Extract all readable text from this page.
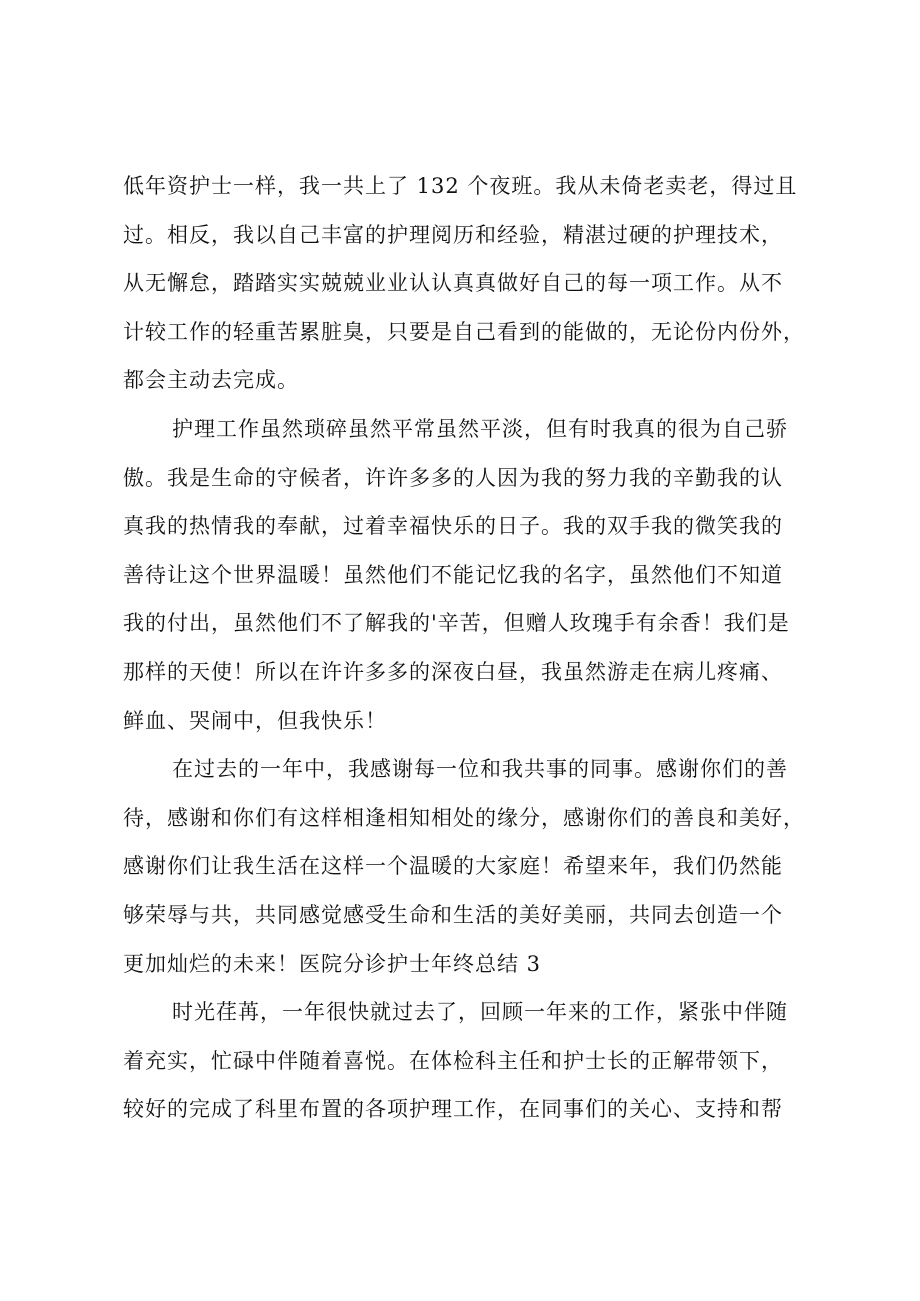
低年资护士一样，我一共上了 132 个夜班。我从未倚老卖老，得过且
过。相反，我以自己丰富的护理阅历和经验，精湛过硬的护理技术，
从无懈怠，踏踏实实兢兢业业认认真真做好自己的每一项工作。从不
计较工作的轻重苦累脏臭，只要是自己看到的能做的，无论份内份外，
都会主动去完成。
护理工作虽然琐碎虽然平常虽然平淡，但有时我真的很为自己骄
傲。我是生命的守候者，许许多多的人因为我的努力我的辛勤我的认
真我的热情我的奉献，过着幸福快乐的日子。我的双手我的微笑我的
善待让这个世界温暖！虽然他们不能记忆我的名字，虽然他们不知道
我的付出，虽然他们不了解我的'辛苦，但赠人玫瑰手有余香！我们是
那样的天使！所以在许许多多的深夜白昼，我虽然游走在病儿疼痛、
鲜血、哭闹中，但我快乐！
在过去的一年中，我感谢每一位和我共事的同事。感谢你们的善
待，感谢和你们有这样相逢相知相处的缘分，感谢你们的善良和美好，
感谢你们让我生活在这样一个温暖的大家庭！希望来年，我们仍然能
够荣辱与共，共同感觉感受生命和生活的美好美丽，共同去创造一个
更加灿烂的未来！医院分诊护士年终总结 3
时光荏苒，一年很快就过去了，回顾一年来的工作，紧张中伴随
着充实，忙碌中伴随着喜悦。在体检科主任和护士长的正解带领下，
较好的完成了科里布置的各项护理工作，在同事们的关心、支持和帮
